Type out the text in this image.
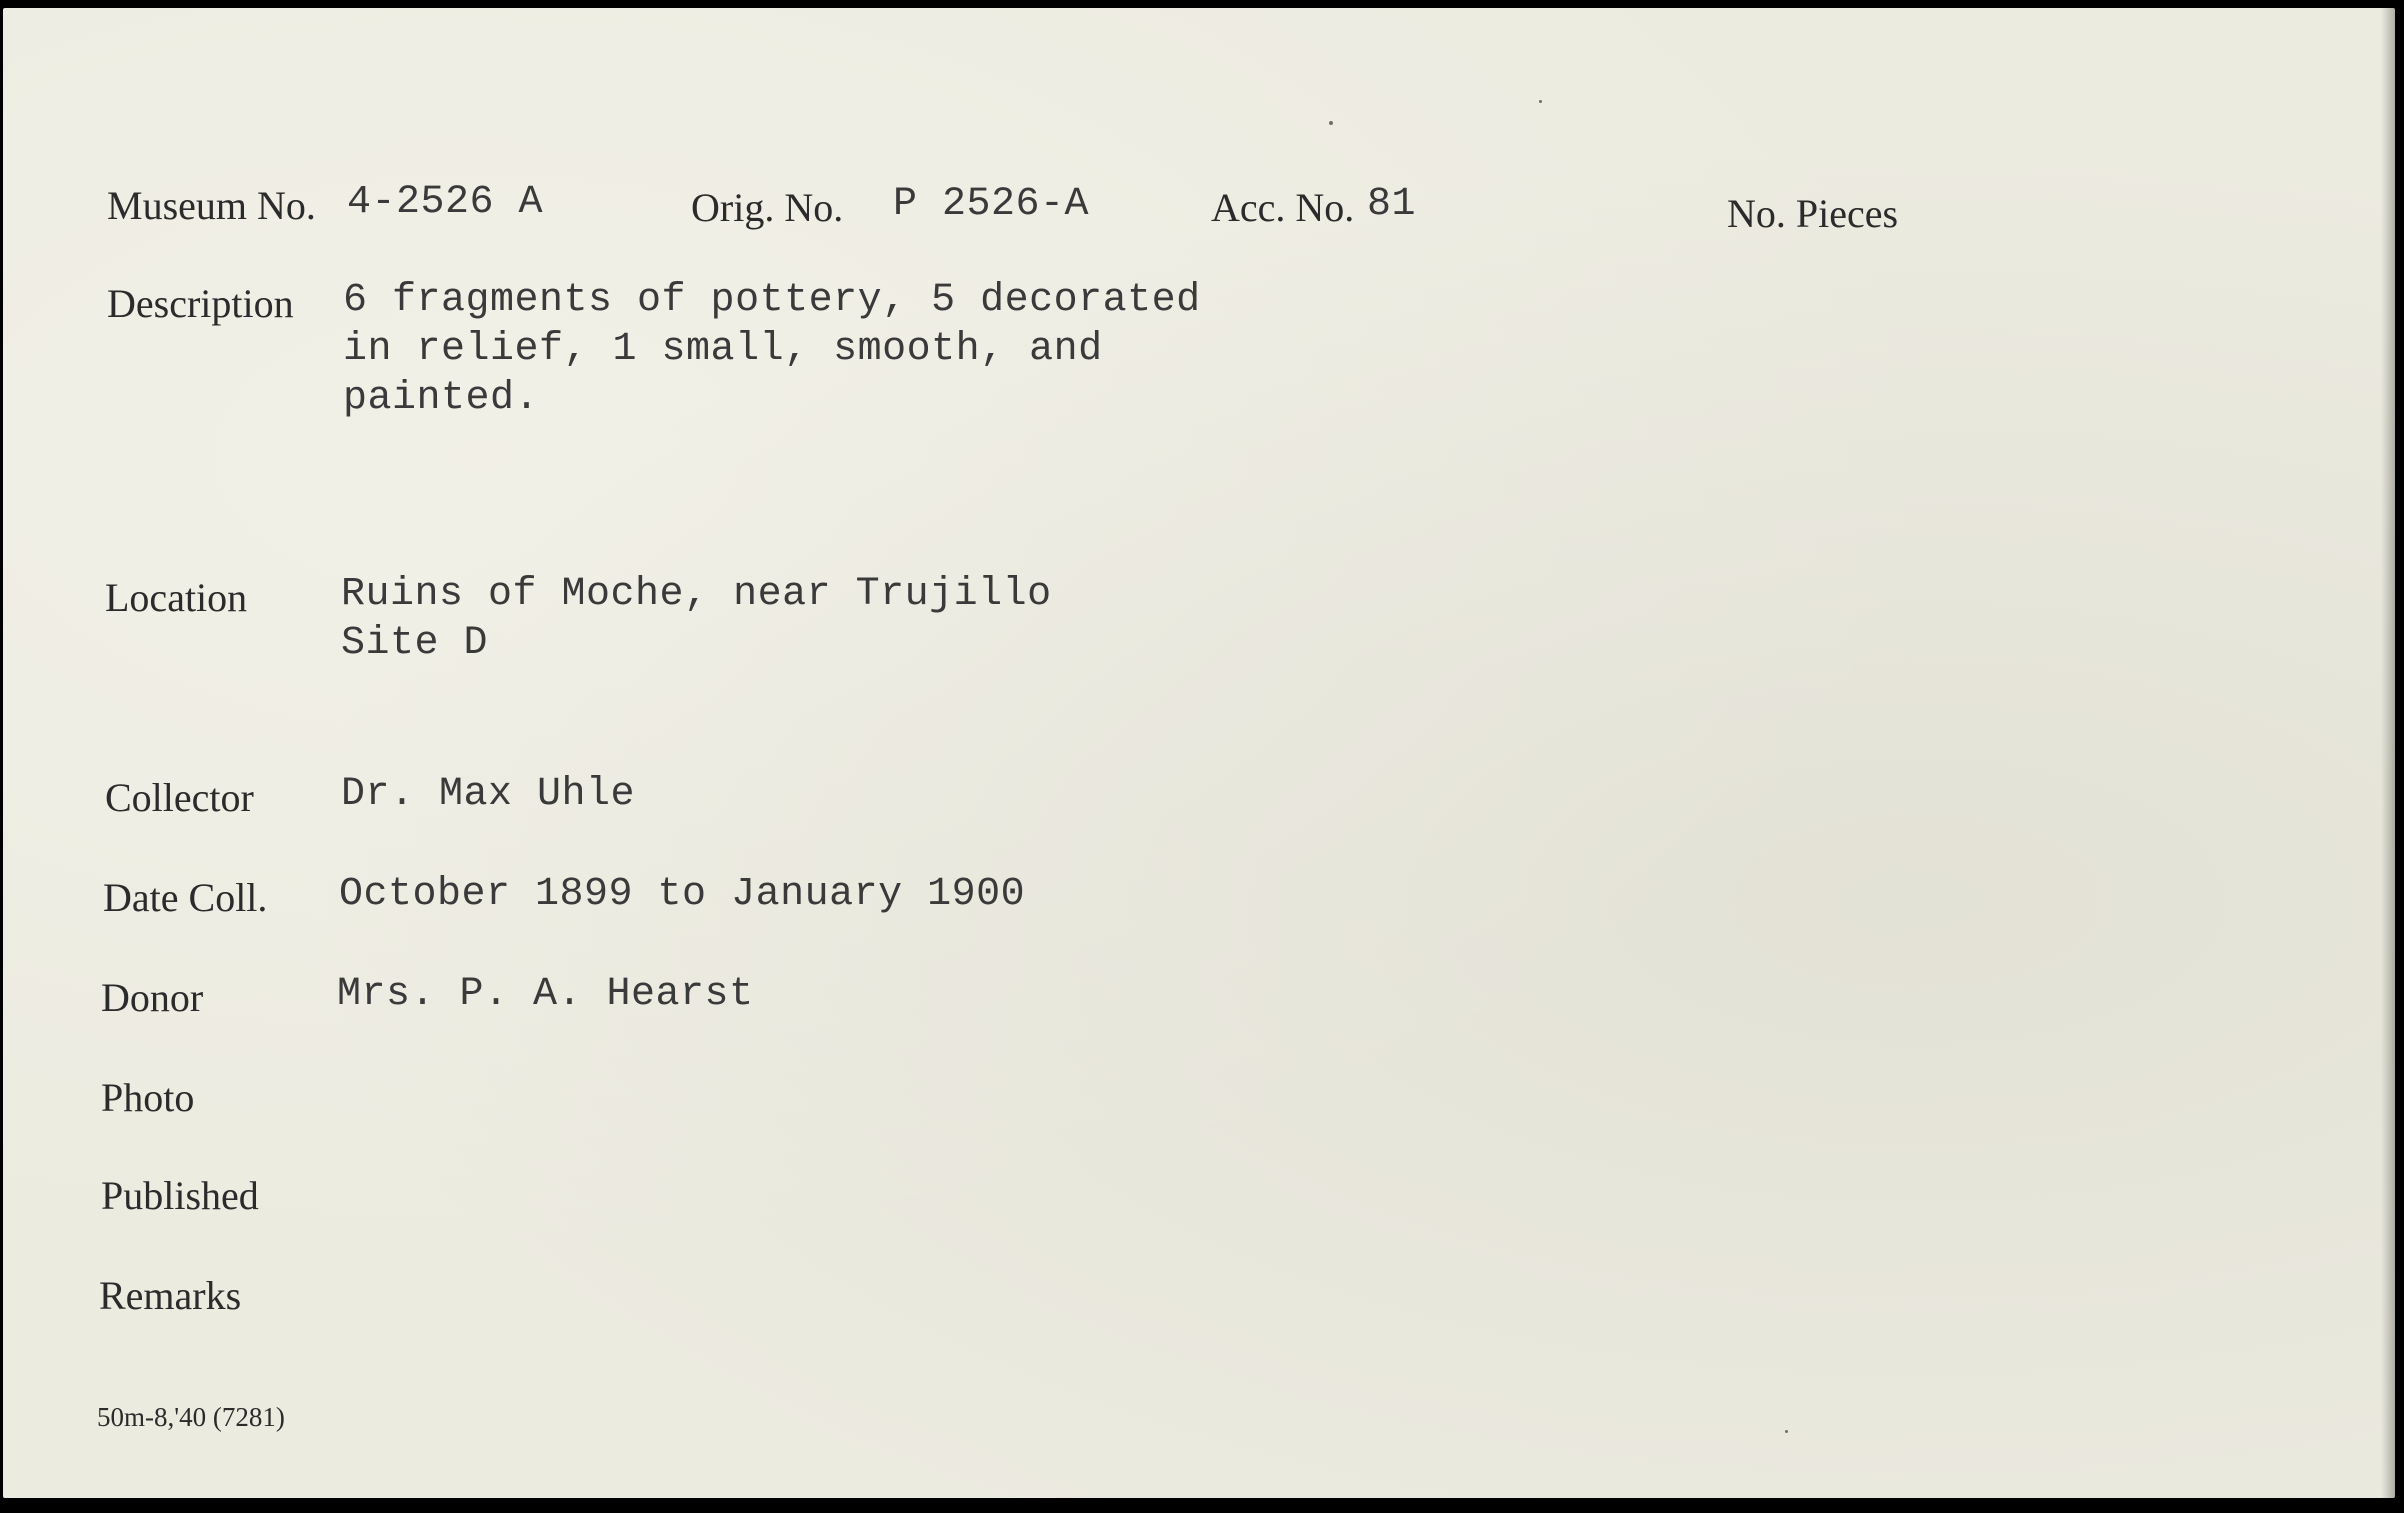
Museum No. 4-2526 A	Orig. No. P 2526-A	Acc. No. 81	No. Pieces
Description 6 fragments of pottery, 5 decorated
in relief, 1 small, smooth, and
painted.
Location Ruins of Moche, near Trujillo
Site D
Collector Dr. Max Uhle
Date Coll. October 1899 to January 1900
Donor	Mrs. P. A. Hearst
Photo
Published
Remarks
50m-8,'40 (7281)
